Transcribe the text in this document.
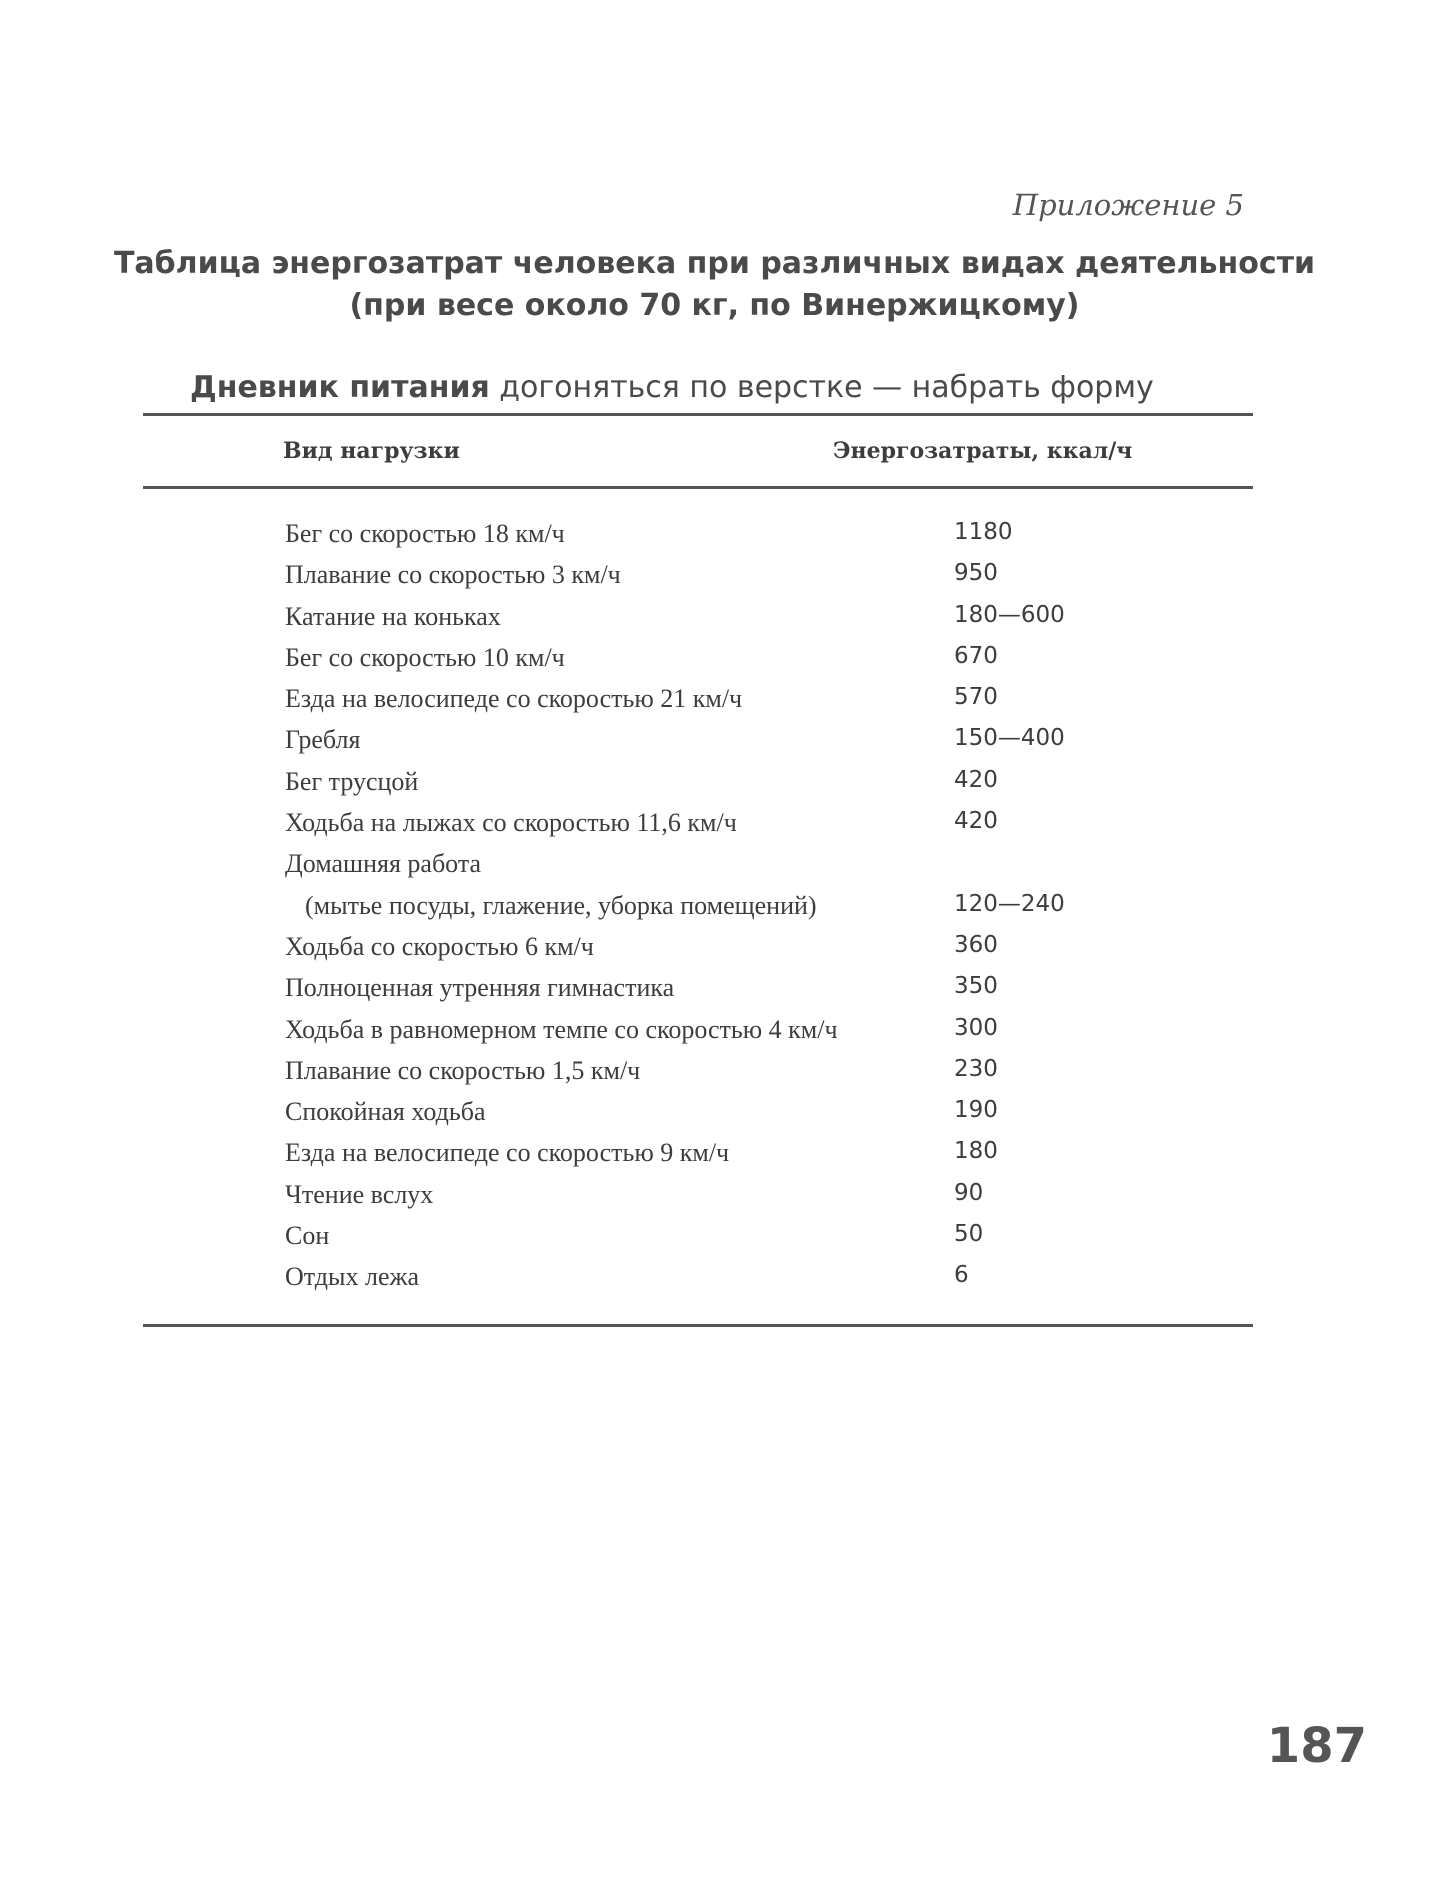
Приложение 5
Таблица энергозатрат человека при различных видах деятельности
(при весе около 70 кг, по Винержицкому)
Дневник питания догоняться по верстке — набрать форму
Вид нагрузки	Энергозатраты, ккал/ч
Бег со скоростью 18 км/ч	1180
Плавание со скоростью 3 км/ч	950
Катание на коньках	180—600
Бег со скоростью 10 км/ч	670
Езда на велосипеде со скоростью 21 км/ч	570
Гребля	150—400
Бег трусцой	420
Ходьба на лыжах со скоростью 11,6 км/ч	420
Домашняя работа
(мытье посуды, глажение, уборка помещений)	120—240
Ходьба со скоростью 6 км/ч	360
Полноценная утренняя гимнастика	350
Ходьба в равномерном темпе со скоростью 4 км/ч	300
Плавание со скоростью 1,5 км/ч	230
Спокойная ходьба	190
Езда на велосипеде со скоростью 9 км/ч	180
Чтение вслух	90
Сон	50
Отдых лежа	6
187
